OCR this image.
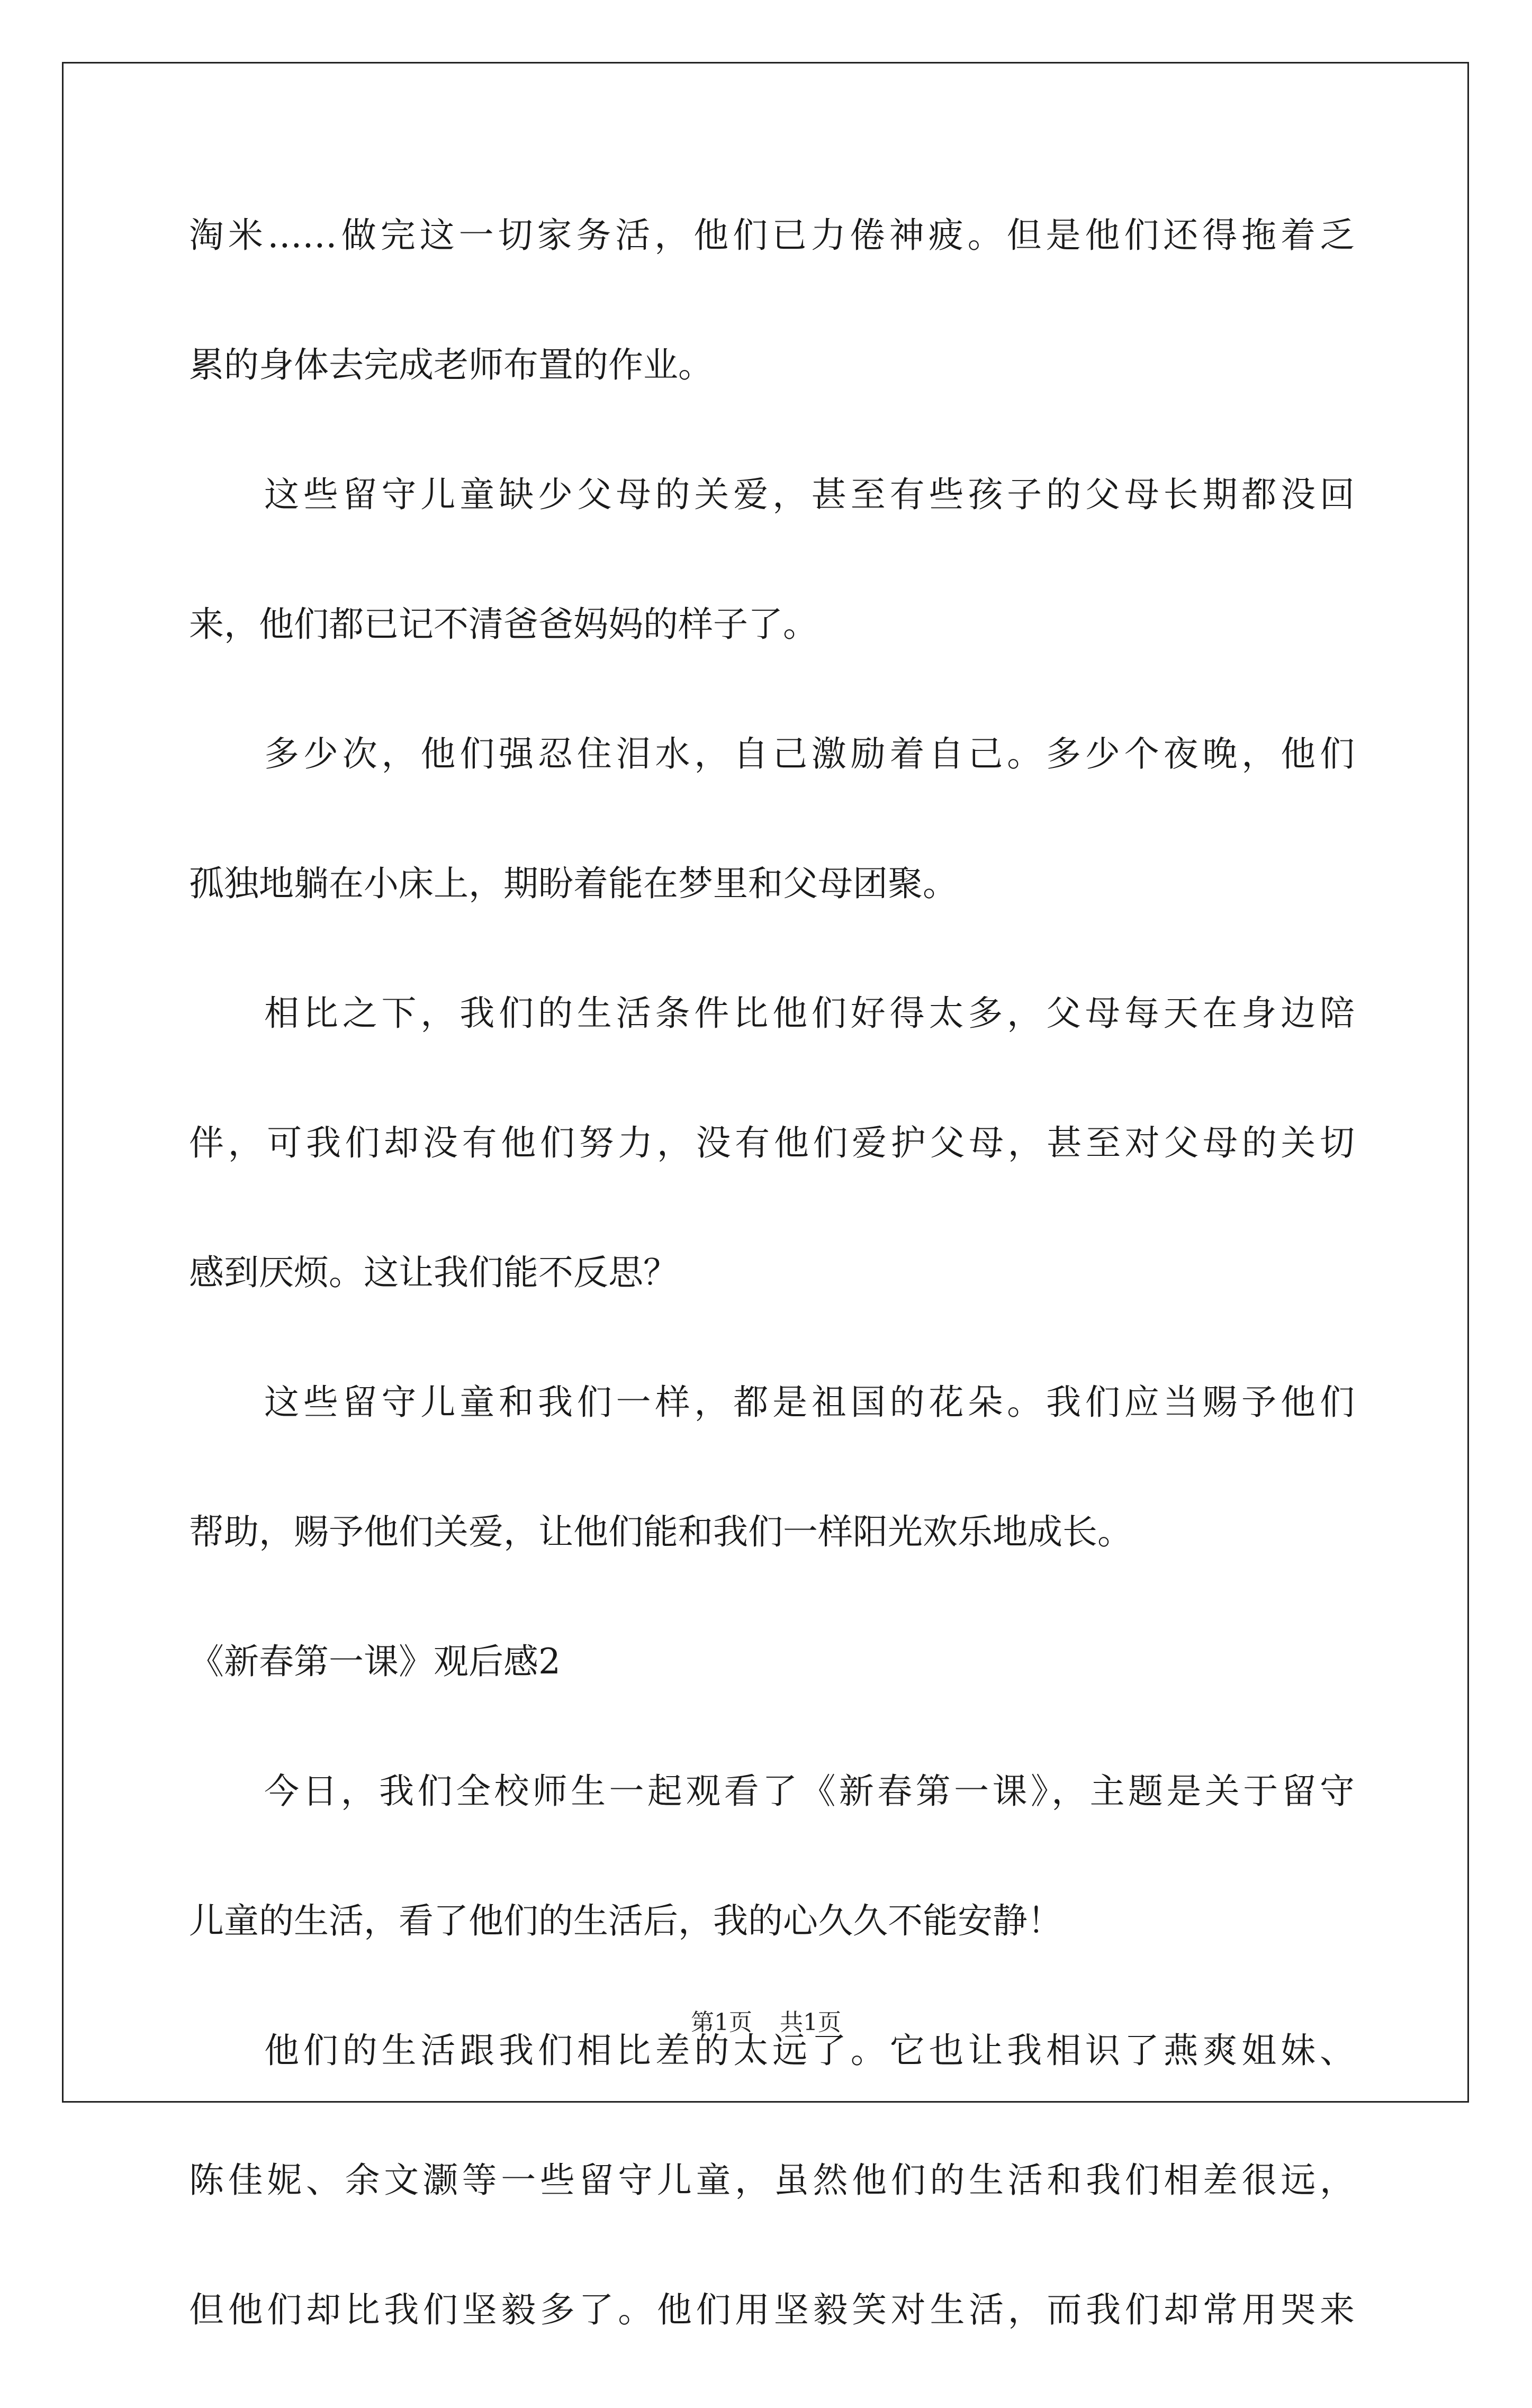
淘米……做完这一切家务活，他们已力倦神疲。但是他们还得拖着乏
累的身体去完成老师布置的作业。
这些留守儿童缺少父母的关爱，甚至有些孩子的父母长期都没回
来，他们都已记不清爸爸妈妈的样子了。
多少次，他们强忍住泪水，自己激励着自己。多少个夜晚，他们
孤独地躺在小床上，期盼着能在梦里和父母团聚。
相比之下，我们的生活条件比他们好得太多，父母每天在身边陪
伴，可我们却没有他们努力，没有他们爱护父母，甚至对父母的关切
感到厌烦。这让我们能不反思？
这些留守儿童和我们一样，都是祖国的花朵。我们应当赐予他们
帮助，赐予他们关爱，让他们能和我们一样阳光欢乐地成长。
《新春第一课》观后感2
今日，我们全校师生一起观看了《新春第一课》，主题是关于留守
儿童的生活，看了他们的生活后，我的心久久不能安静！
他们的生活跟我们相比差的太远了。它也让我相识了燕爽姐妹、
陈佳妮、余文灏等一些留守儿童，虽然他们的生活和我们相差很远，
但他们却比我们坚毅多了。他们用坚毅笑对生活，而我们却常用哭来
第1页 共1页
